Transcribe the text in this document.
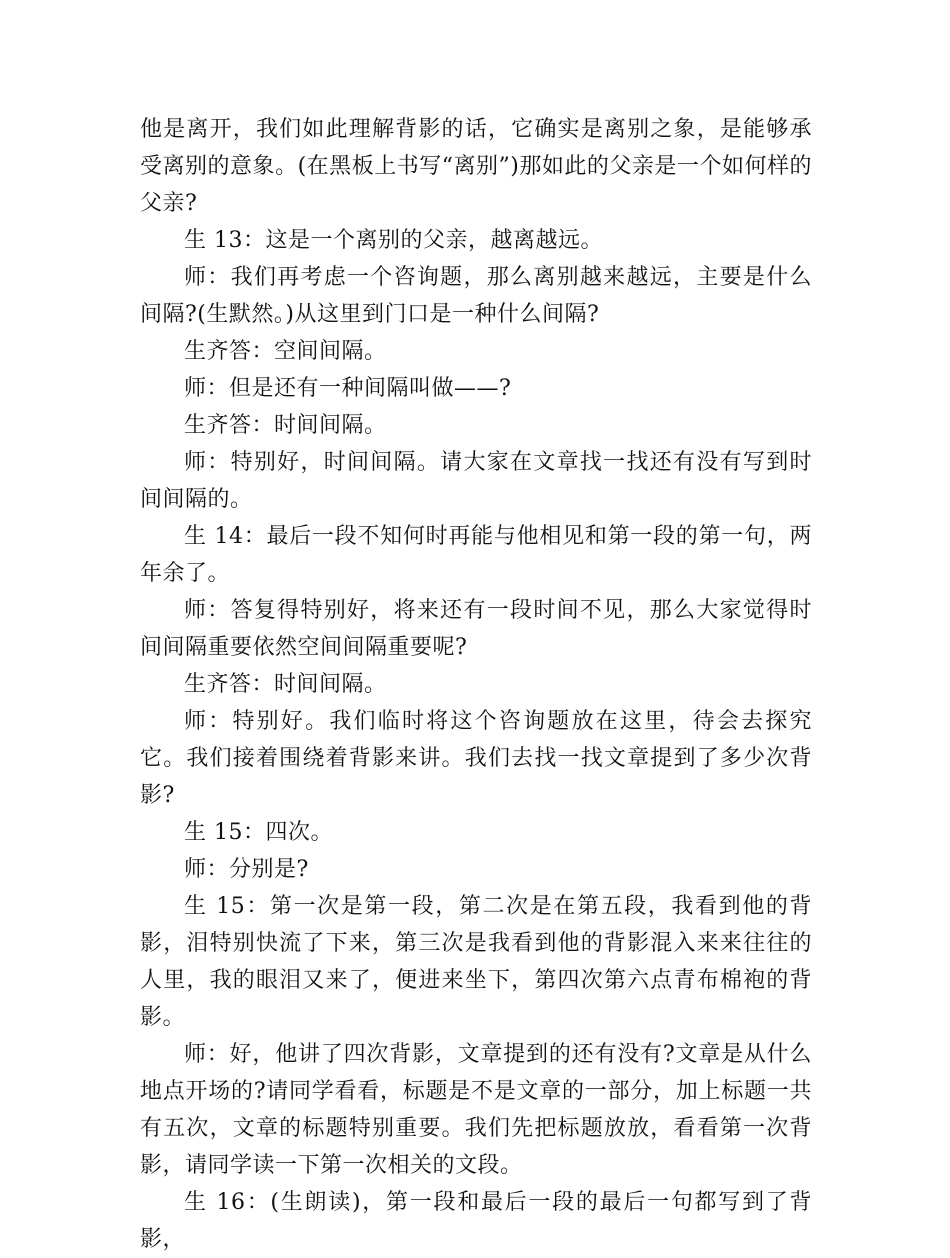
他是离开，我们如此理解背影的话，它确实是离别之象，是能够承受离别的意象。(在黑板上书写“离别”)那如此的父亲是一个如何样的父亲?

生 13：这是一个离别的父亲，越离越远。

师：我们再考虑一个咨询题，那么离别越来越远，主要是什么间隔?(生默然。)从这里到门口是一种什么间隔?

生齐答：空间间隔。

师：但是还有一种间隔叫做——?

生齐答：时间间隔。

师：特别好，时间间隔。请大家在文章找一找还有没有写到时间间隔的。

生 14：最后一段不知何时再能与他相见和第一段的第一句，两年余了。

师：答复得特别好，将来还有一段时间不见，那么大家觉得时间间隔重要依然空间间隔重要呢?

生齐答：时间间隔。

师：特别好。我们临时将这个咨询题放在这里，待会去探究它。我们接着围绕着背影来讲。我们去找一找文章提到了多少次背影?

生 15：四次。

师：分别是?

生 15：第一次是第一段，第二次是在第五段，我看到他的背影，泪特别快流了下来，第三次是我看到他的背影混入来来往往的人里，我的眼泪又来了，便进来坐下，第四次第六点青布棉袍的背影。

师：好，他讲了四次背影，文章提到的还有没有?文章是从什么地点开场的?请同学看看，标题是不是文章的一部分，加上标题一共有五次，文章的标题特别重要。我们先把标题放放，看看第一次背影，请同学读一下第一次相关的文段。

生 16：(生朗读)，第一段和最后一段的最后一句都写到了背影，
